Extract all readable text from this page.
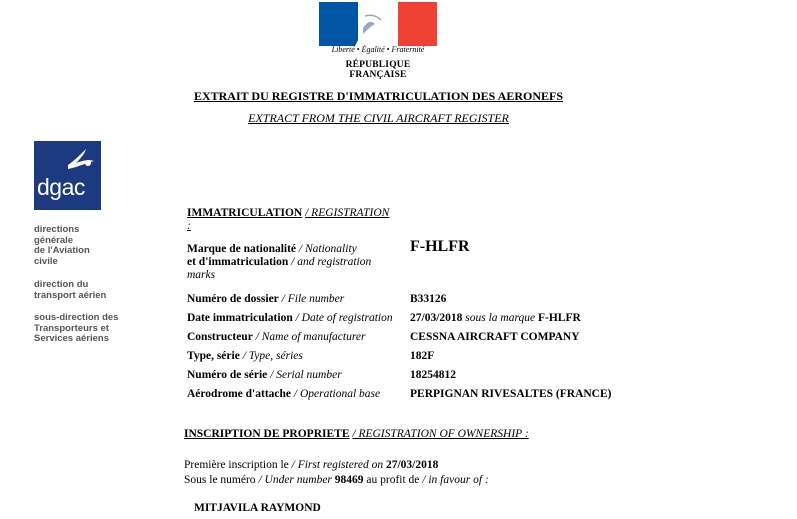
Liberté • Égalité • Fraternité
RÉPUBLIQUE FRANÇAISE
EXTRAIT DU REGISTRE D'IMMATRICULATION DES AERONEFS
EXTRACT FROM THE CIVIL AIRCRAFT REGISTER
dgac
directions
générale
de l'Aviation
civile
direction du
transport aérien
sous-direction des
Transporteurs et
Services aériens
IMMATRICULATION / REGISTRATION
:
Marque de nationalité / Nationality
et d'immatriculation / and registration
marks
F-HLFR
Numéro de dossier / File number	B33126
Date immatriculation / Date of registration 27/03/2018 sous la marque F-HLFR
Constructeur / Name of manufacturer	CESSNA AIRCRAFT COMPANY
Type, série / Type, séries	182F
Numéro de série / Serial number	18254812
Aérodrome d'attache / Operational base	PERPIGNAN RIVESALTES (FRANCE)
INSCRIPTION DE PROPRIETE / REGISTRATION OF OWNERSHIP :
Première inscription le / First registered on 27/03/2018
Sous le numéro / Under number 98469 au profit de / in favour of :
MITJAVILA RAYMOND
